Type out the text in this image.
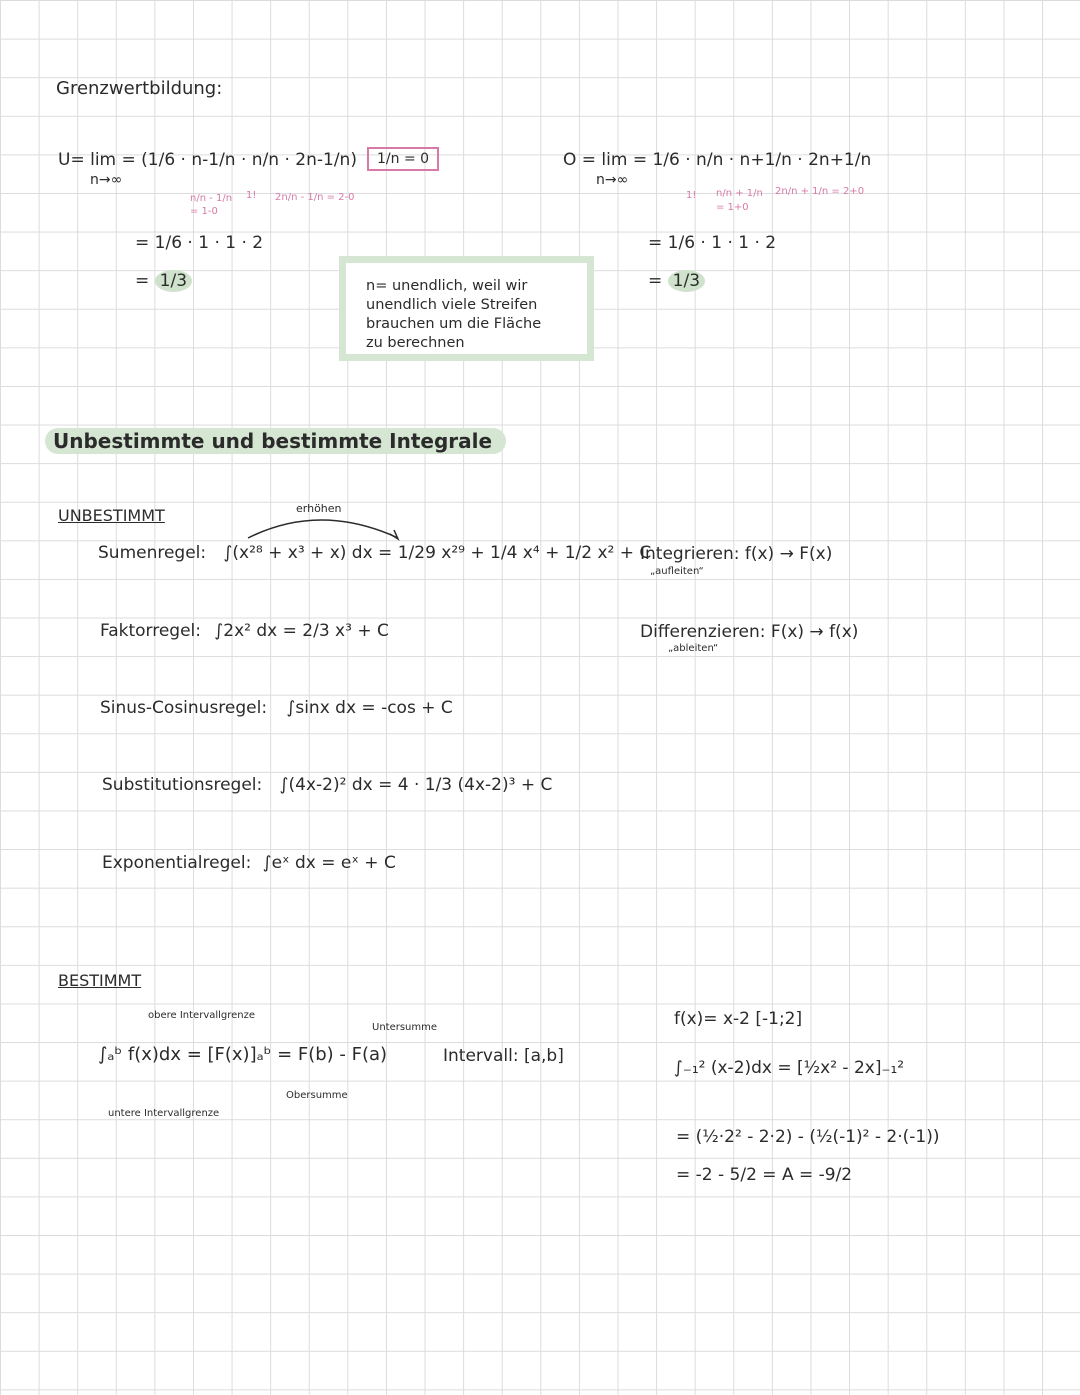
Grenzwertbildung:
U= lim = (1/6 · n-1/n · n/n · 2n-1/n)
n→∞
n/n - 1/n
= 1-0
1! 2n/n - 1/n = 2-0
1/n = 0
= 1/6 · 1 · 1 · 2
= 1/3
O = lim = 1/6 · n/n · n+1/n · 2n+1/n
n→∞
1! n/n + 1/n
= 1+0
2n/n + 1/n = 2+0
= 1/6 · 1 · 1 · 2
= 1/3
n= unendlich, weil wir
unendlich viele Streifen
brauchen um die Fläche
zu berechnen
Unbestimmte und bestimmte Integrale
UNBESTIMMT	erhöhen
Sumenregel: ∫(x²⁸ + x³ + x) dx = 1/29 x²⁹ + 1/4 x⁴ + 1/2 x² + C
Faktorregel: ∫2x² dx = 2/3 x³ + C
Sinus-Cosinusregel: ∫sinx dx = -cos + C
Substitutionsregel: ∫(4x-2)² dx = 4 · 1/3 (4x-2)³ + C
Exponentialregel: ∫eˣ dx = eˣ + C
Integrieren: f(x) → F(x)
„aufleiten“
Differenzieren: F(x) → f(x)
„ableiten“
BESTIMMT
obere Intervallgrenze
∫ₐᵇ f(x)dx = [F(x)]ₐᵇ = F(b) - F(a)
Untersumme
Obersumme
untere Intervallgrenze
Intervall: [a,b]
f(x)= x-2 [-1;2]
∫₋₁² (x-2)dx = [½x² - 2x]₋₁²
= (½·2² - 2·2) - (½(-1)² - 2·(-1))
= -2 - 5/2 = A = -9/2
